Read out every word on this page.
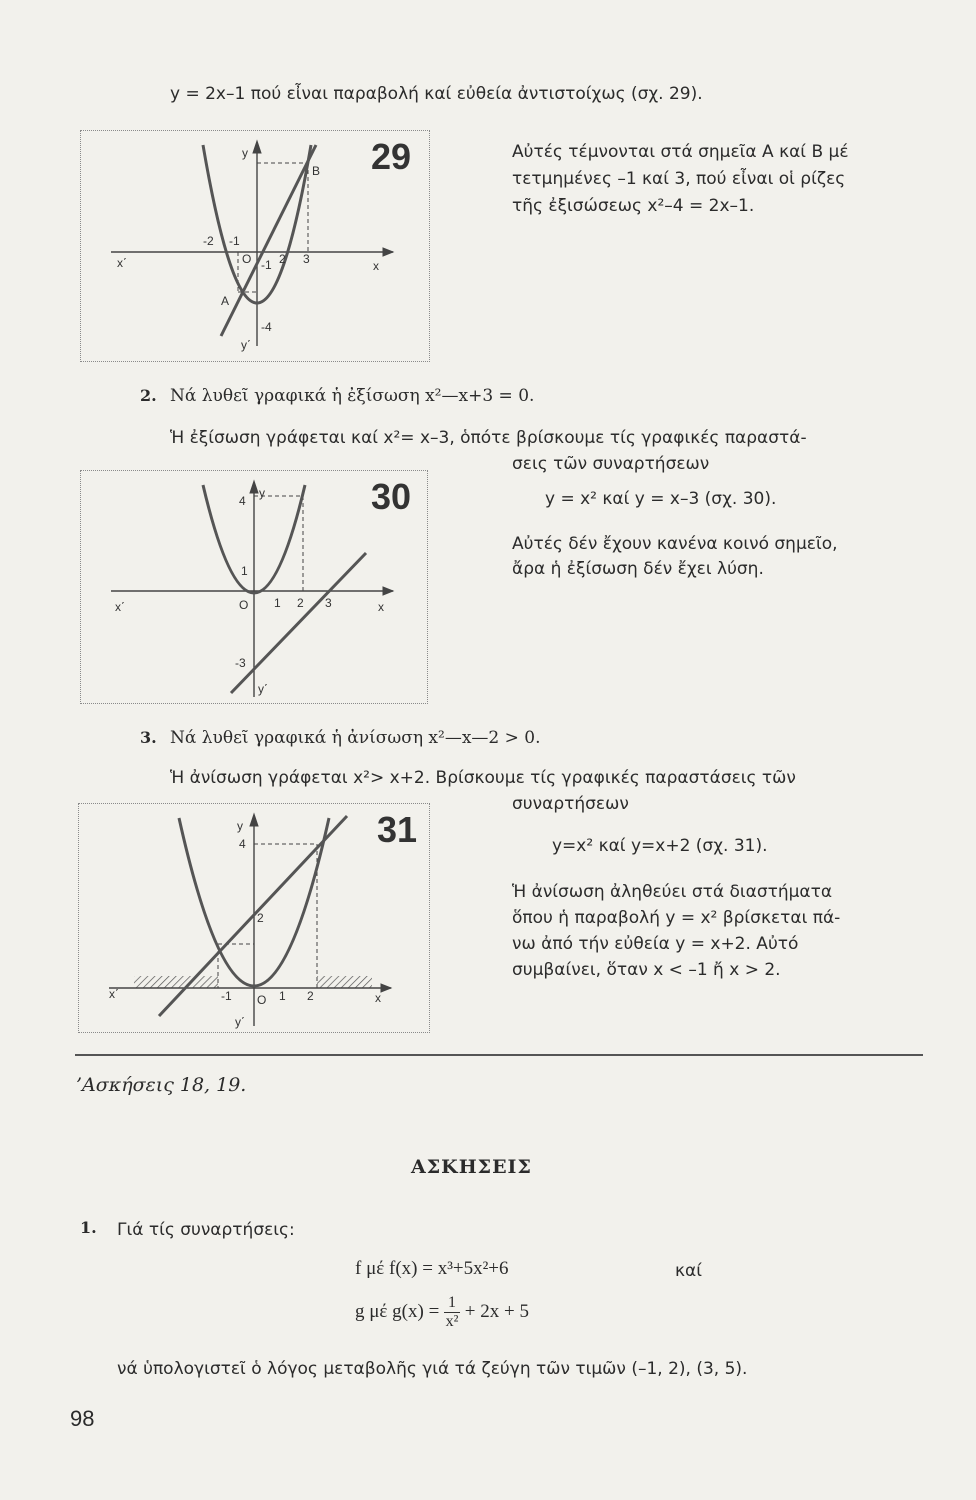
y = 2x–1 πού εἶναι παραβολή καί εὐθεία ἀντιστοίχως (σχ. 29).
29
y
B
x
x΄
-2 -1
O -1 2 3
A
-4
y΄
Αὐτές τέμνονται στά σημεῖα Α καί Β μέ
τετμημένες –1 καί 3, πού εἶναι οἱ ρίζες
τῆς ἐξισώσεως x²–4 = 2x–1.
2. Νά λυθεῖ γραφικά ἡ ἐξίσωση x²—x+3 = 0.
Ἡ ἐξίσωση γράφεται καί x²= x–3, ὁπότε βρίσκουμε τίς γραφικές παραστά-
σεις τῶν συναρτήσεων
y = x² καί y = x–3 (σχ. 30).
Αὐτές δέν ἔχουν κανένα κοινό σημεῖο,
ἄρα ἡ ἐξίσωση δέν ἔχει λύση.
30
4
y
1
x΄	O 1 2 3	x
-3
y΄
3. Νά λυθεῖ γραφικά ἡ ἀνίσωση x²—x—2 > 0.
Ἡ ἀνίσωση γράφεται x²> x+2. Βρίσκουμε τίς γραφικές παραστάσεις τῶν
συναρτήσεων
y=x² καί y=x+2 (σχ. 31).
Ἡ ἀνίσωση ἀληθεύει στά διαστήματα
ὅπου ἡ παραβολή y = x² βρίσκεται πά-
νω ἀπό τήν εὐθεία y = x+2. Αὐτό
συμβαίνει, ὅταν x < –1 ἤ x > 2.
31
y
4
2
x΄	-1 O 1 2	x
y΄
’Ασκήσεις 18, 19.
ΑΣΚΗΣΕΙΣ
1. Γιά τίς συναρτήσεις:
f μέ f(x) = x³+5x²+6	καί
g μέ $g(x) = \frac{1}{\text{x²}} + 2x + 5$
νά ὑπολογιστεῖ ὁ λόγος μεταβολῆς γιά τά ζεύγη τῶν τιμῶν (–1, 2), (3, 5).
98
